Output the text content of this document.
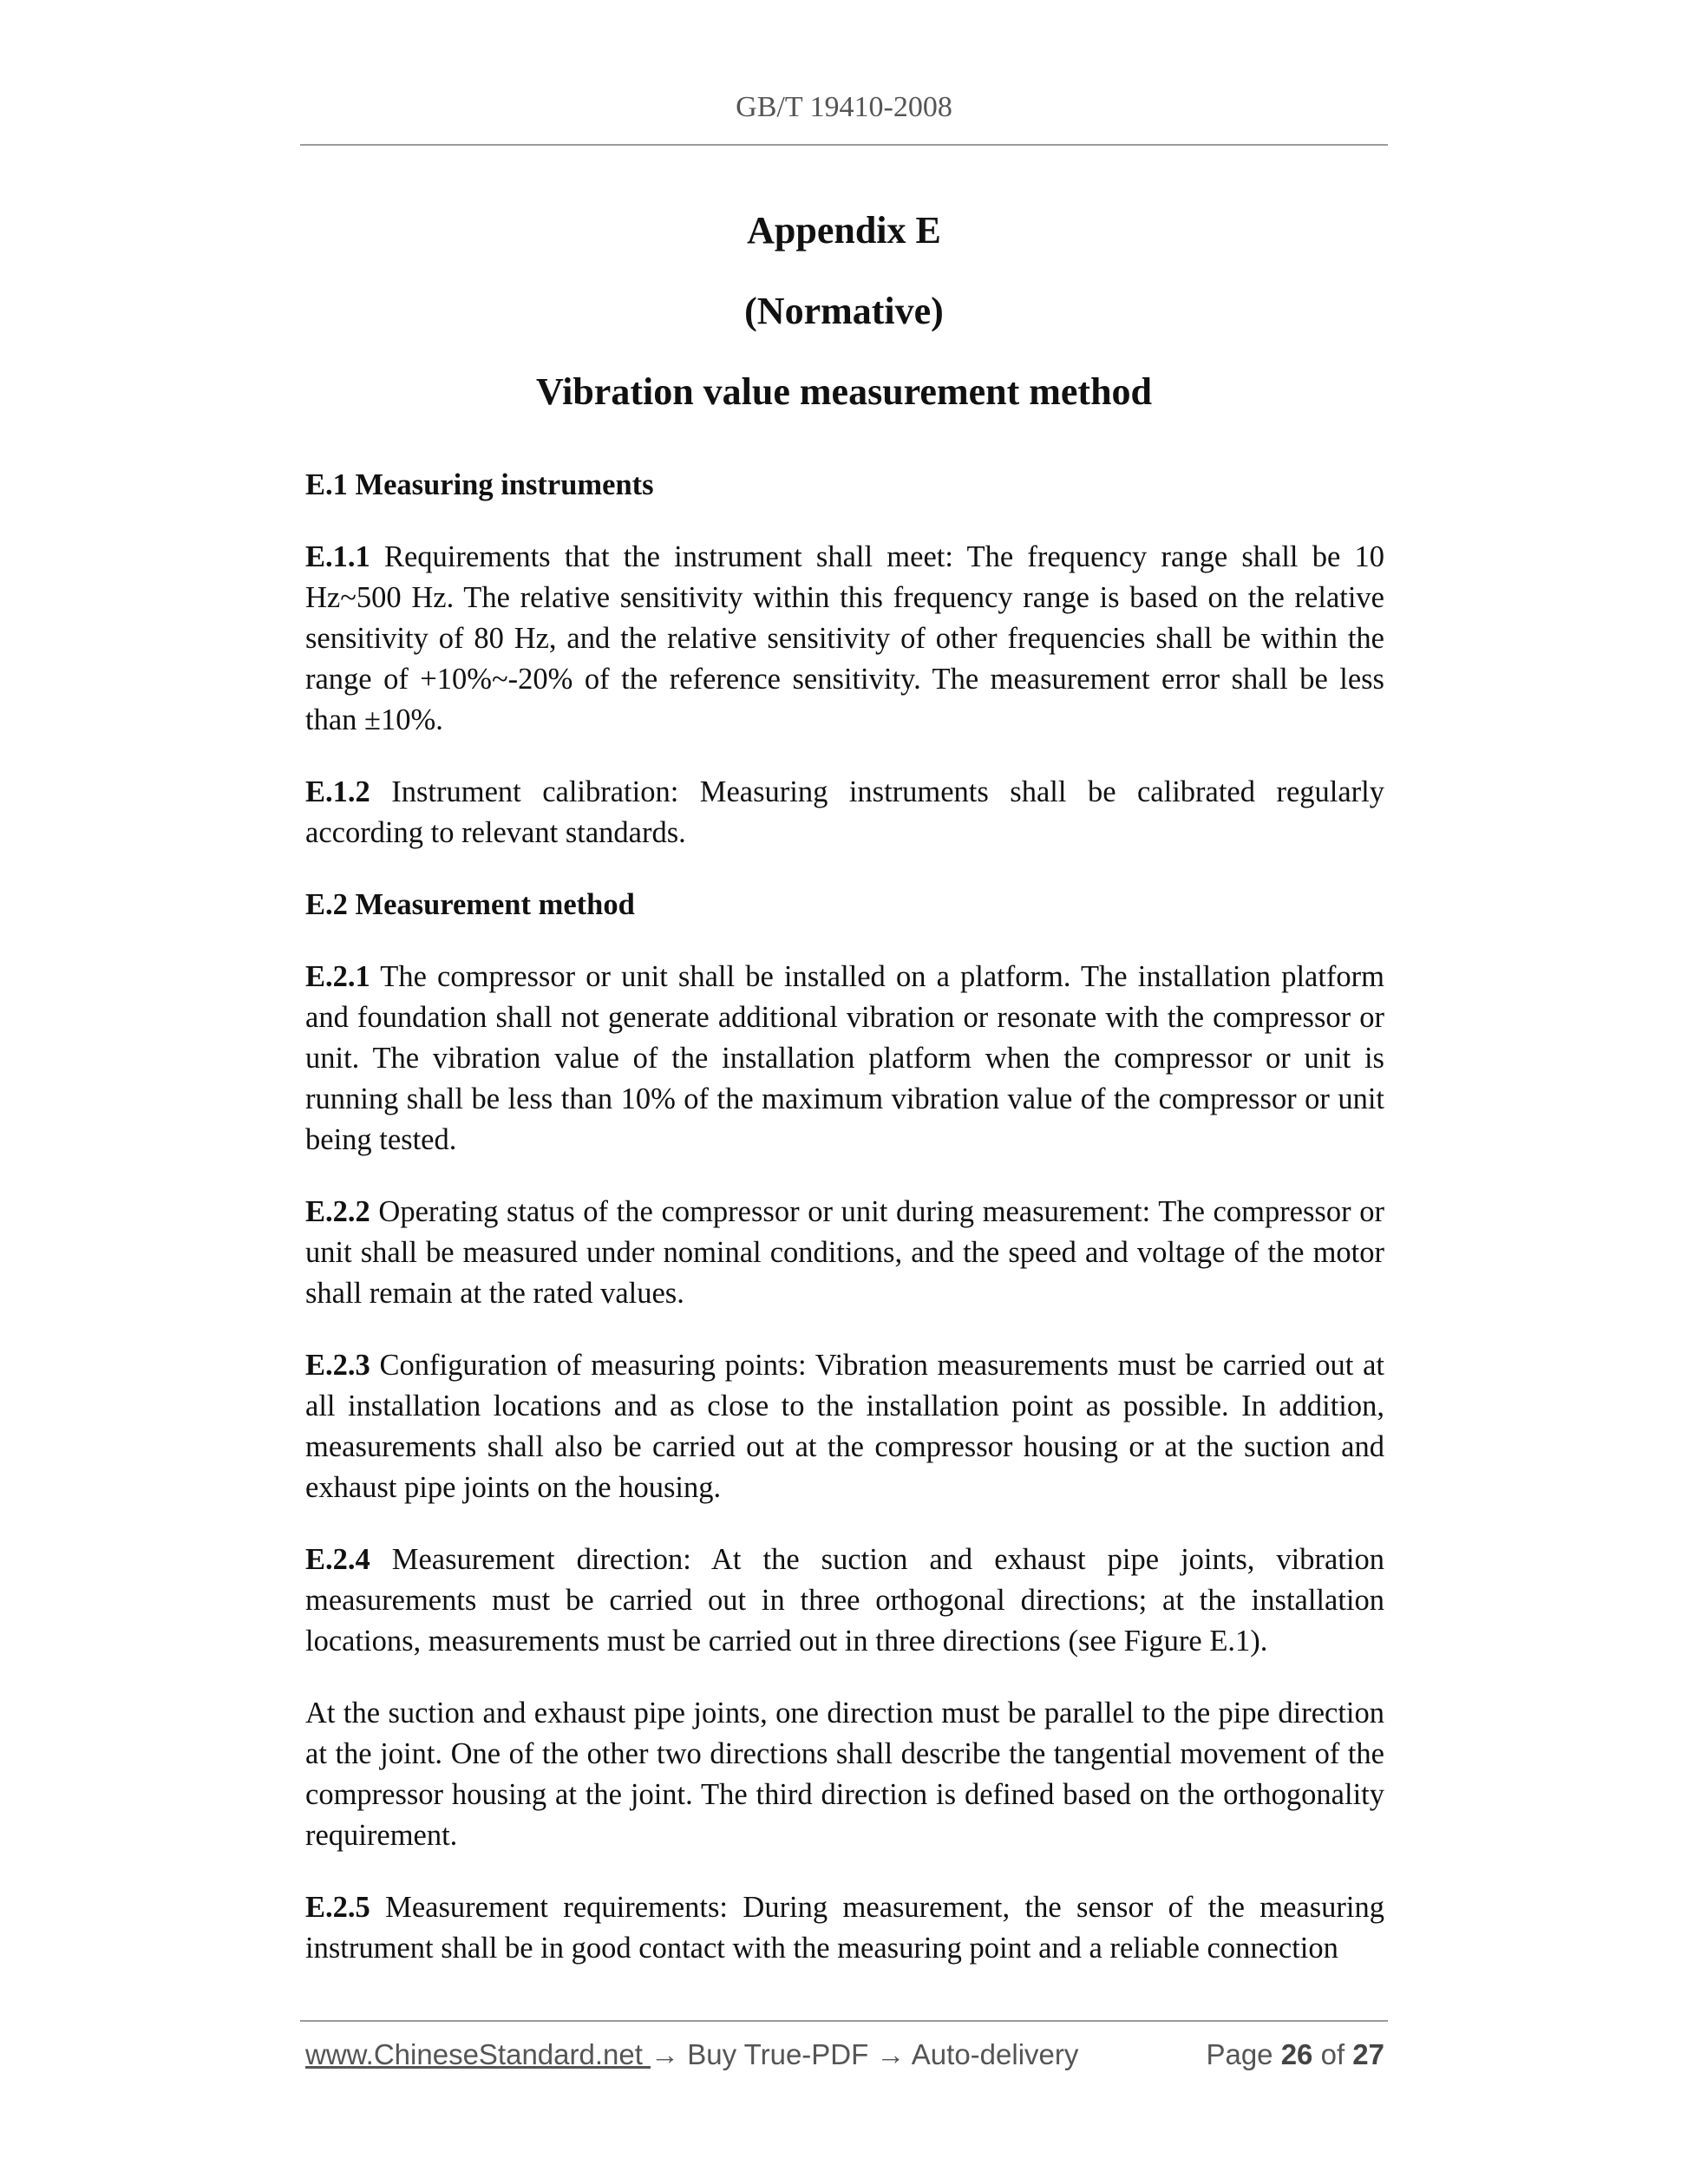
GB/T 19410-2008
Appendix E
(Normative)
Vibration value measurement method

E.1 Measuring instruments

E.1.1 Requirements that the instrument shall meet: The frequency range shall be 10 Hz~500 Hz. The relative sensitivity within this frequency range is based on the relative sensitivity of 80 Hz, and the relative sensitivity of other frequencies shall be within the range of +10%~-20% of the reference sensitivity. The measurement error shall be less than ±10%.

E.1.2 Instrument calibration: Measuring instruments shall be calibrated regularly according to relevant standards.

E.2 Measurement method

E.2.1 The compressor or unit shall be installed on a platform. The installation platform and foundation shall not generate additional vibration or resonate with the compressor or unit. The vibration value of the installation platform when the compressor or unit is running shall be less than 10% of the maximum vibration value of the compressor or unit being tested.

E.2.2 Operating status of the compressor or unit during measurement: The compressor or unit shall be measured under nominal conditions, and the speed and voltage of the motor shall remain at the rated values.

E.2.3 Configuration of measuring points: Vibration measurements must be carried out at all installation locations and as close to the installation point as possible. In addition, measurements shall also be carried out at the compressor housing or at the suction and exhaust pipe joints on the housing.

E.2.4 Measurement direction: At the suction and exhaust pipe joints, vibration measurements must be carried out in three orthogonal directions; at the installation locations, measurements must be carried out in three directions (see Figure E.1).

At the suction and exhaust pipe joints, one direction must be parallel to the pipe direction at the joint. One of the other two directions shall describe the tangential movement of the compressor housing at the joint. The third direction is defined based on the orthogonality requirement.

E.2.5 Measurement requirements: During measurement, the sensor of the measuring instrument shall be in good contact with the measuring point and a reliable connection

www.ChineseStandard.net → Buy True-PDF → Auto-delivery	Page 26 of 27
